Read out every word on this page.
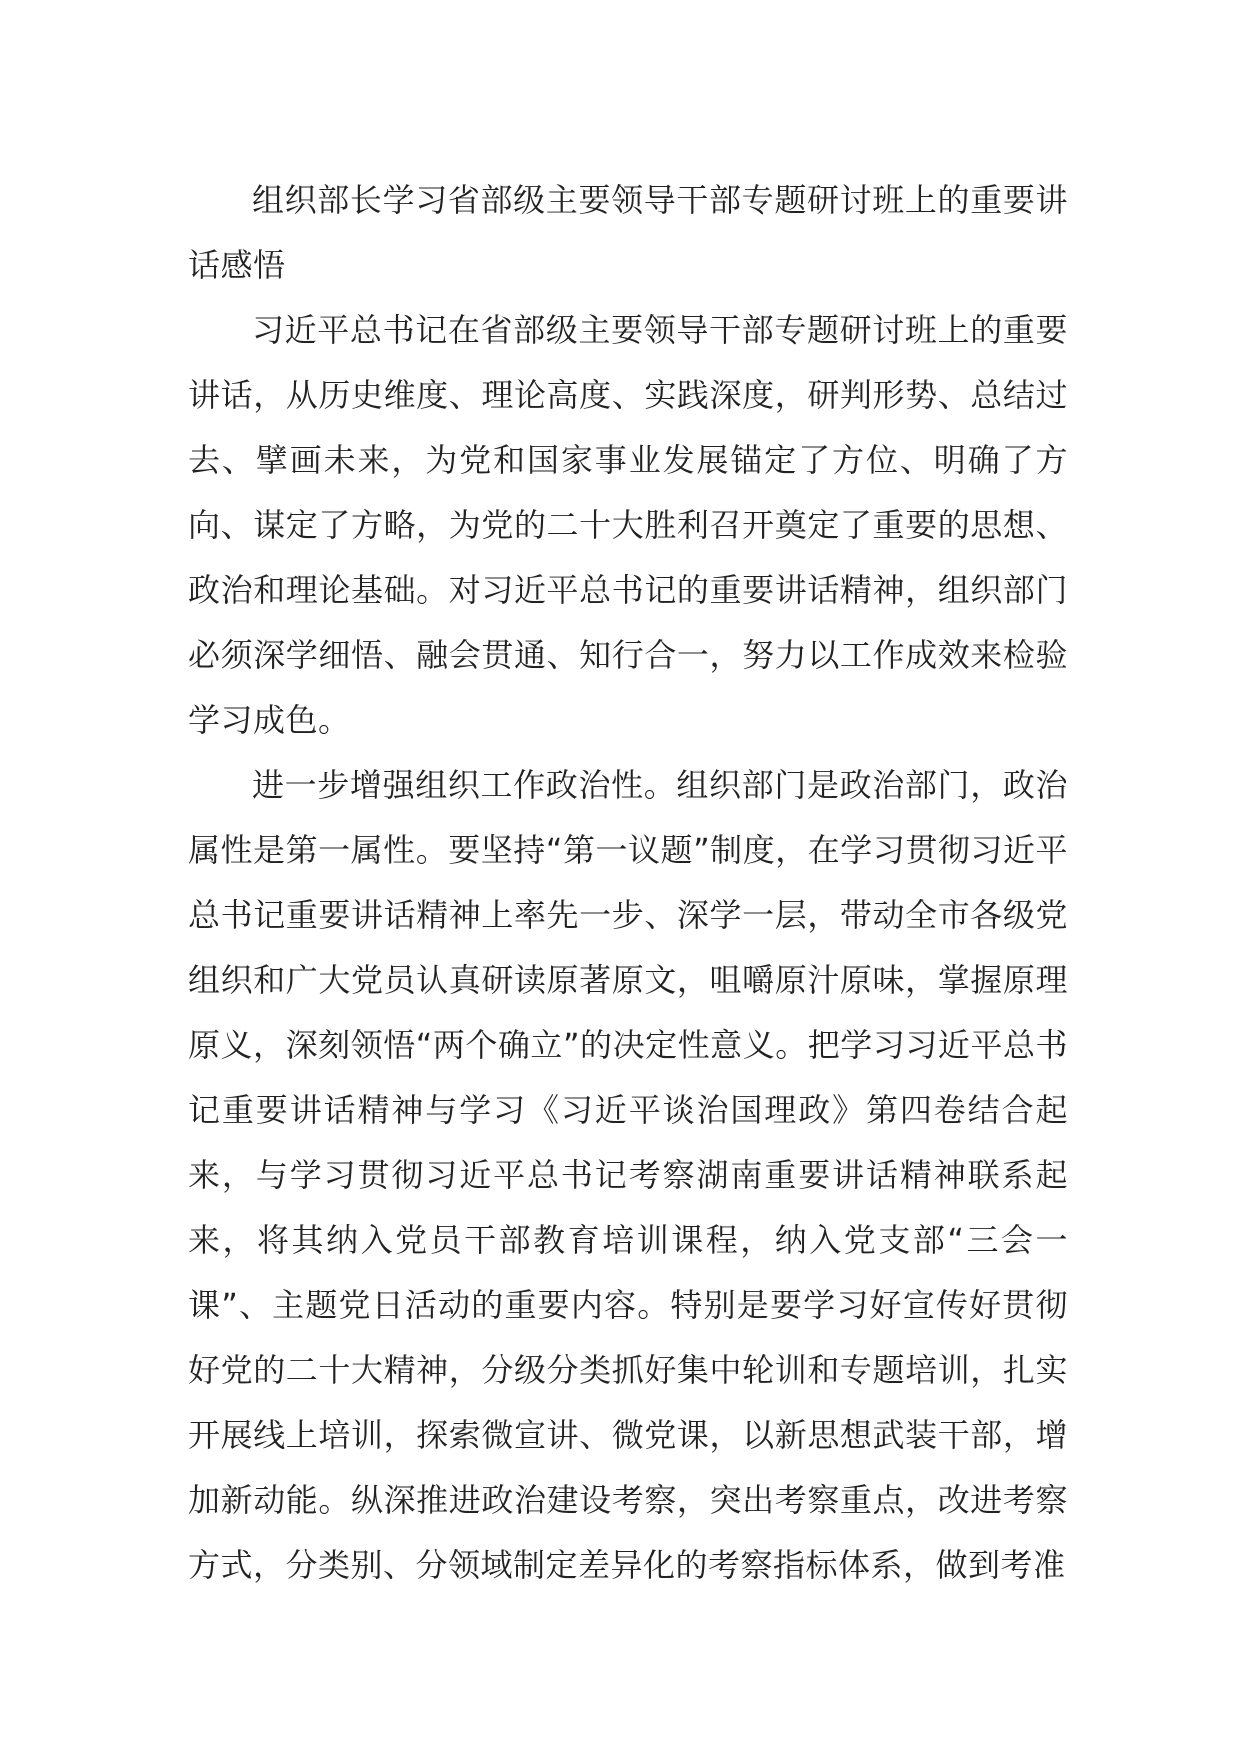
组织部长学习省部级主要领导干部专题研讨班上的重要讲话感悟

习近平总书记在省部级主要领导干部专题研讨班上的重要讲话，从历史维度、理论高度、实践深度，研判形势、总结过去、擘画未来，为党和国家事业发展锚定了方位、明确了方向、谋定了方略，为党的二十大胜利召开奠定了重要的思想、政治和理论基础。对习近平总书记的重要讲话精神，组织部门必须深学细悟、融会贯通、知行合一，努力以工作成效来检验学习成色。

进一步增强组织工作政治性。组织部门是政治部门，政治属性是第一属性。要坚持“第一议题”制度，在学习贯彻习近平总书记重要讲话精神上率先一步、深学一层，带动全市各级党组织和广大党员认真研读原著原文，咀嚼原汁原味，掌握原理原义，深刻领悟“两个确立”的决定性意义。把学习习近平总书记重要讲话精神与学习《习近平谈治国理政》第四卷结合起来，与学习贯彻习近平总书记考察湖南重要讲话精神联系起来，将其纳入党员干部教育培训课程，纳入党支部“三会一课”、主题党日活动的重要内容。特别是要学习好宣传好贯彻好党的二十大精神，分级分类抓好集中轮训和专题培训，扎实开展线上培训，探索微宣讲、微党课，以新思想武装干部，增加新动能。纵深推进政治建设考察，突出考察重点，改进考察方式，分类别、分领域制定差异化的考察指标体系，做到考准
